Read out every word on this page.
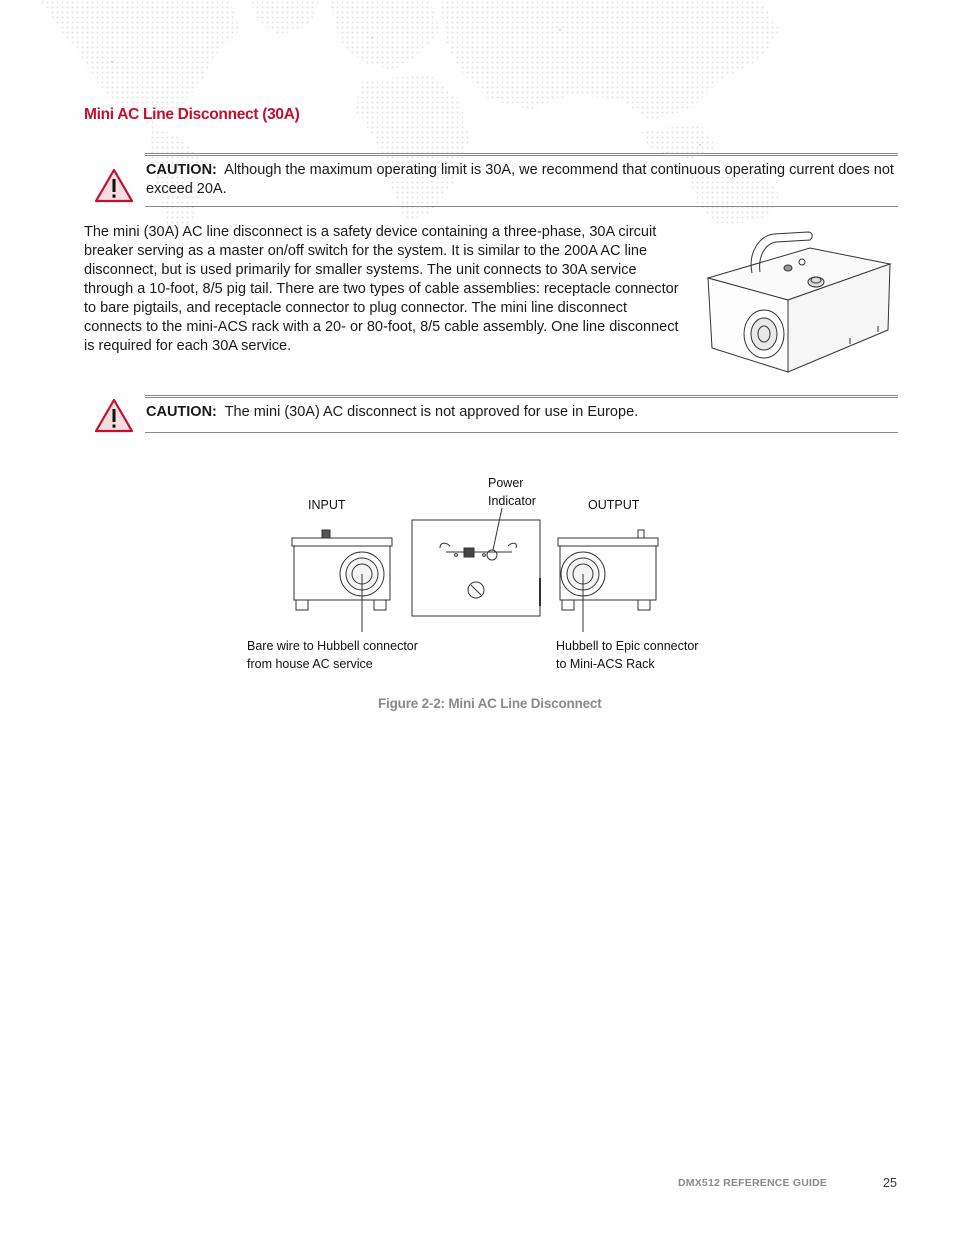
Mini AC Line Disconnect (30A)
CAUTION: Although the maximum operating limit is 30A, we recommend that continuous operating current does not exceed 20A.
The mini (30A) AC line disconnect is a safety device containing a three-phase, 30A circuit breaker serving as a master on/off switch for the system. It is similar to the 200A AC line disconnect, but is used primarily for smaller systems. The unit connects to 30A service through a 10-foot, 8/5 pig tail. There are two types of cable assemblies: receptacle connector to bare pigtails, and receptacle connector to plug connector. The mini line disconnect connects to the mini-ACS rack with a 20- or 80-foot, 8/5 cable assembly. One line disconnect is required for each 30A service.
CAUTION: The mini (30A) AC disconnect is not approved for use in Europe.
INPUT
Power
Indicator	OUTPUT
Bare wire to Hubbell connector
from house AC service
Hubbell to Epic connector
to Mini-ACS Rack
Figure 2-2: Mini AC Line Disconnect
DMX512 REFERENCE GUIDE	25
